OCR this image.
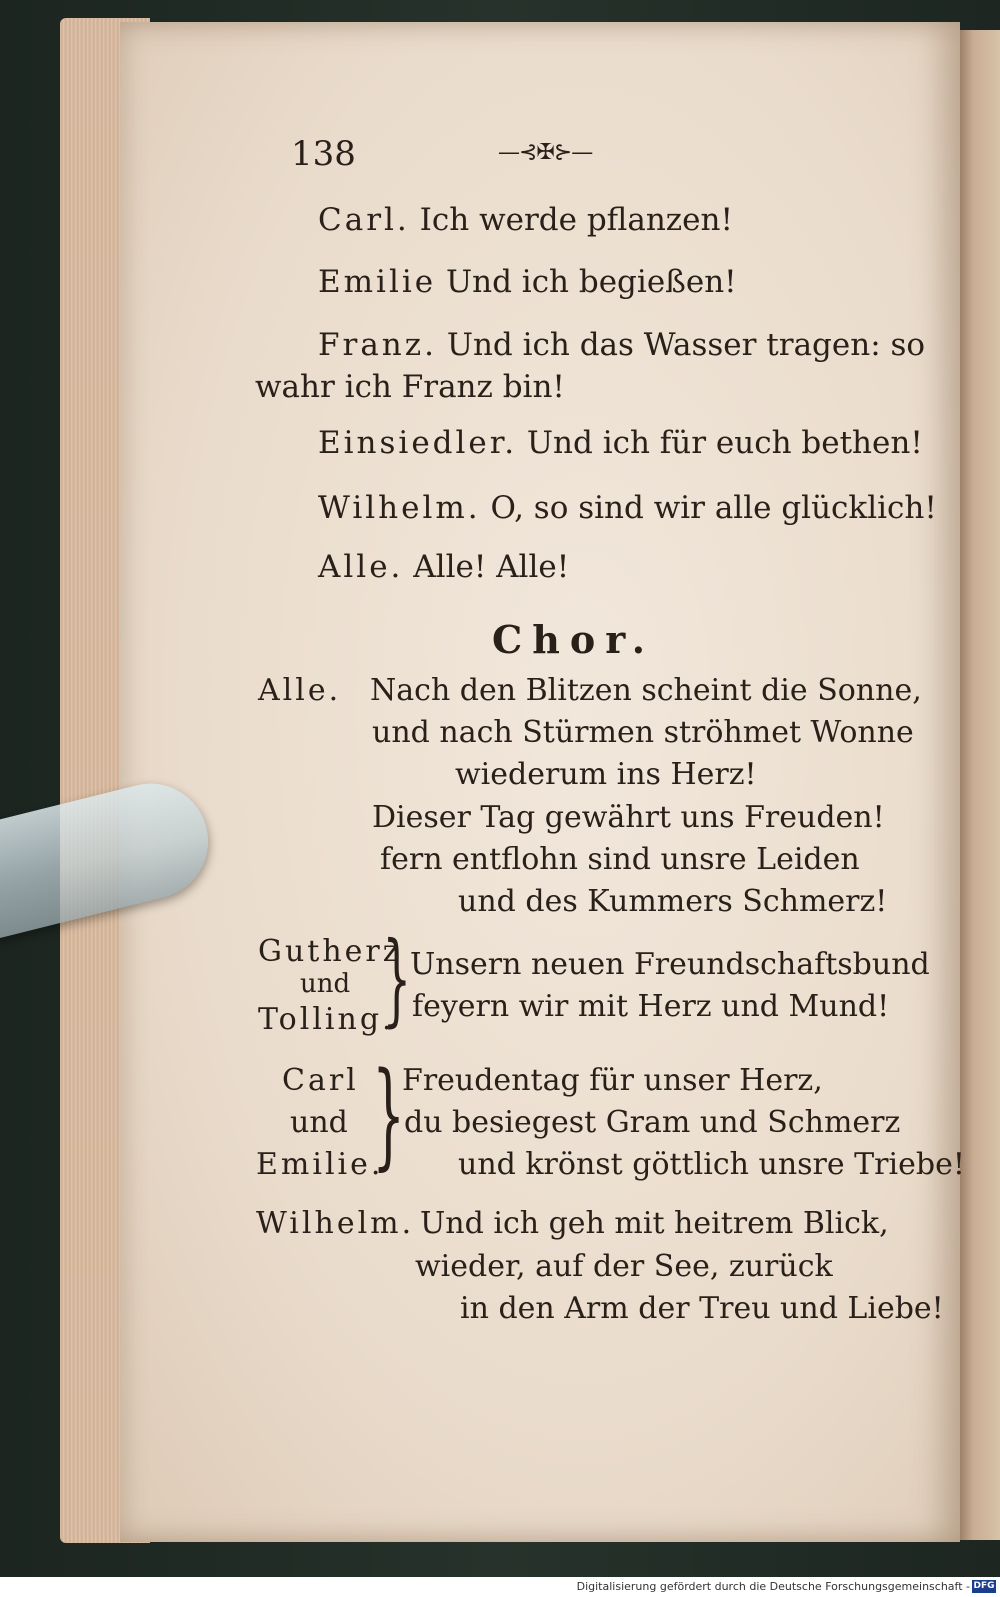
138	—⊰✠⊱—
Carl. Ich werde pflanzen!
Emilie Und ich begießen!
Franz. Und ich das Wasser tragen: so
wahr ich Franz bin!
Einsiedler. Und ich für euch bethen!
Wilhelm. O, so sind wir alle glücklich!
Alle. Alle! Alle!
Chor.
Alle. Nach den Blitzen scheint die Sonne,
und nach Stürmen ströhmet Wonne
wiederum ins Herz!
Dieser Tag gewährt uns Freuden!
fern entflohn sind unsre Leiden
und des Kummers Schmerz!
Gutherz
und
Tolling.
}
Unsern neuen Freundschaftsbund
feyern wir mit Herz und Mund!
Carl
und
Emilie.
}
Freudentag für unser Herz,
du besiegest Gram und Schmerz
und krönst göttlich unsre Triebe!
Wilhelm. Und ich geh mit heitrem Blick,
wieder, auf der See, zurück
in den Arm der Treu und Liebe!
Digitalisierung gefördert durch die Deutsche Forschungsgemeinschaft - DFG
